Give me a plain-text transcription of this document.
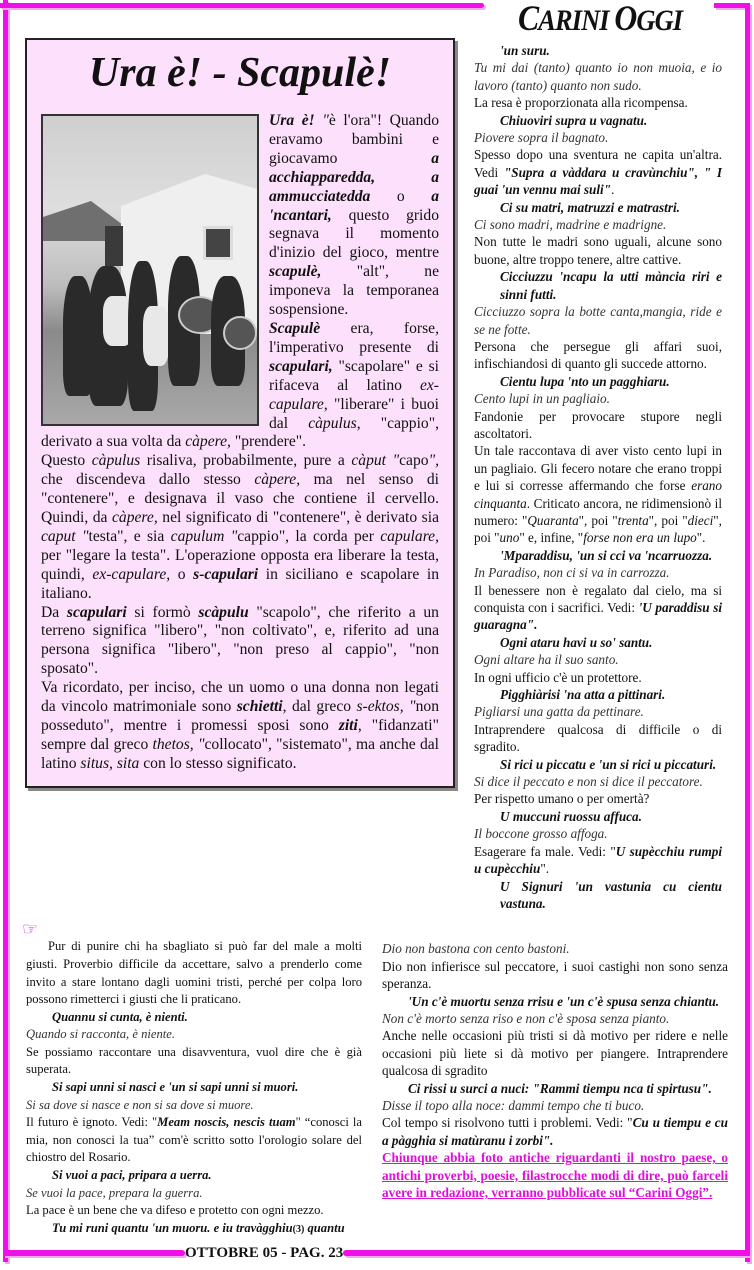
CARINI OGGI
Ura è! - Scapulè!

Ura è! "è l'ora"! Quando eravamo bambini e giocavamo a acchiapparedda, a ammucciatedda o a 'ncantari, questo grido segnava il momento d'inizio del gioco, mentre scapulè, "alt", ne imponeva la temporanea sospensione.

Scapulè era, forse, l'imperativo presente di scapulari, "scapolare" e si rifaceva al latino ex-capulare, "liberare" i buoi dal càpulus, "cappio", derivato a sua volta da càpere, "prendere".

Questo càpulus risaliva, probabilmente, pure a càput "capo", che discendeva dallo stesso càpere, ma nel senso di "contenere", e designava il vaso che contiene il cervello. Quindi, da càpere, nel significato di "contenere", è derivato sia caput "testa", e sia capulum "cappio", la corda per capulare, per "legare la testa". L'operazione opposta era liberare la testa, quindi, ex-capulare, o s-capulari in siciliano e scapolare in italiano.

Da scapulari si formò scàpulu "scapolo", che riferito a un terreno significa "libero", "non coltivato", e, riferito ad una persona significa "libero", "non preso al cappio", "non sposato".

Va ricordato, per inciso, che un uomo o una donna non legati da vincolo matrimoniale sono schietti, dal greco s-ektos, "non posseduto", mentre i promessi sposi sono ziti, "fidanzati" sempre dal greco thetos, "collocato", "sistemato", ma anche dal latino situs, sita con lo stesso significato.

'un suru.

Tu mi dai (tanto) quanto io non muoia, e io lavoro (tanto) quanto non sudo.

La resa è proporzionata alla ricompensa.

Chiuoviri supra u vagnatu.

Piovere sopra il bagnato.

Spesso dopo una sventura ne capita un'altra. Vedi "Supra a vàddara u cravùnchiu", " I guai 'un vennu mai suli".

Ci su matri, matruzzi e matrastri.

Ci sono madri, madrine e madrigne.

Non tutte le madri sono uguali, alcune sono buone, altre troppo tenere, altre cattive.

Cicciuzzu 'ncapu la utti mància riri e sinni futti.

Cicciuzzo sopra la botte canta,mangia, ride e se ne fotte.

Persona che persegue gli affari suoi, infischiandosi di quanto gli succede attorno.

Cientu lupa 'nto un pagghiaru.

Cento lupi in un pagliaio.

Fandonie per provocare stupore negli ascoltatori.

Un tale raccontava di aver visto cento lupi in un pagliaio. Gli fecero notare che erano troppi e lui si corresse affermando che forse erano cinquanta. Criticato ancora, ne ridimensionò il numero: "Quaranta", poi "trenta", poi "dieci", poi "uno" e, infine, "forse non era un lupo".

'Mparaddisu, 'un si cci va 'ncarruozza.

In Paradiso, non ci si va in carrozza.

Il benessere non è regalato dal cielo, ma si conquista con i sacrifici. Vedi: 'U paraddisu si guaragna".

Ogni ataru havi u so' santu.

Ogni altare ha il suo santo.

In ogni ufficio c'è un protettore.

Pigghiàrisi 'na atta a pittinari.

Pigliarsi una gatta da pettinare.

Intraprendere qualcosa di difficile o di sgradito.

Si rici u piccatu e 'un si rici u piccaturi.

Si dice il peccato e non si dice il peccatore.

Per rispetto umano o per omertà?

U muccuni ruossu affuca.

Il boccone grosso affoga.

Esagerare fa male. Vedi: "U supècchiu rumpi u cupècchiu".

U Signuri 'un vastunia cu cientu vastuna.

☞

Pur di punire chi ha sbagliato si può far del male a molti giusti. Proverbio difficile da accettare, salvo a prenderlo come invito a stare lontano dagli uomini tristi, perché per colpa loro possono rimetterci i giusti che li praticano.

Quannu si cunta, è nienti.

Quando si racconta, è niente.

Se possiamo raccontare una disavventura, vuol dire che è già superata.

Si sapi unni si nasci e 'un si sapi unni si muori.

Si sa dove si nasce e non si sa dove si muore.

Il futuro è ignoto. Vedi: "Meam noscis, nescis tuam" “conosci la mia, non conosci la tua” com'è scritto sotto l'orologio solare del chiostro del Rosario.

Si vuoi a paci, pripara a uerra.

Se vuoi la pace, prepara la guerra.

La pace è un bene che va difeso e protetto con ogni mezzo.

Tu mi runi quantu 'un muoru. e iu travàgghiu(3) quantu

Dio non bastona con cento bastoni.

Dio non infierisce sul peccatore, i suoi castighi non sono senza speranza.

'Un c'è muortu senza rrisu e 'un c'è spusa senza chiantu.

Non c'è morto senza riso e non c'è sposa senza pianto.

Anche nelle occasioni più tristi si dà motivo per ridere e nelle occasioni più liete si dà motivo per piangere. Intraprendere qualcosa di sgradito

Ci rissi u surci a nuci: "Rammi tiempu nca ti spirtusu".

Disse il topo alla noce: dammi tempo che ti buco.

Col tempo si risolvono tutti i problemi. Vedi: "Cu u tiempu e cu a pàgghia si matùranu i zorbi".

Chiunque abbia foto antiche riguardanti il nostro paese, o antichi proverbi, poesie, filastrocche modi di dire, può farceli avere in redazione, verranno pubblicate sul “Carini Oggi”.

OTTOBRE 05 - PAG. 23
